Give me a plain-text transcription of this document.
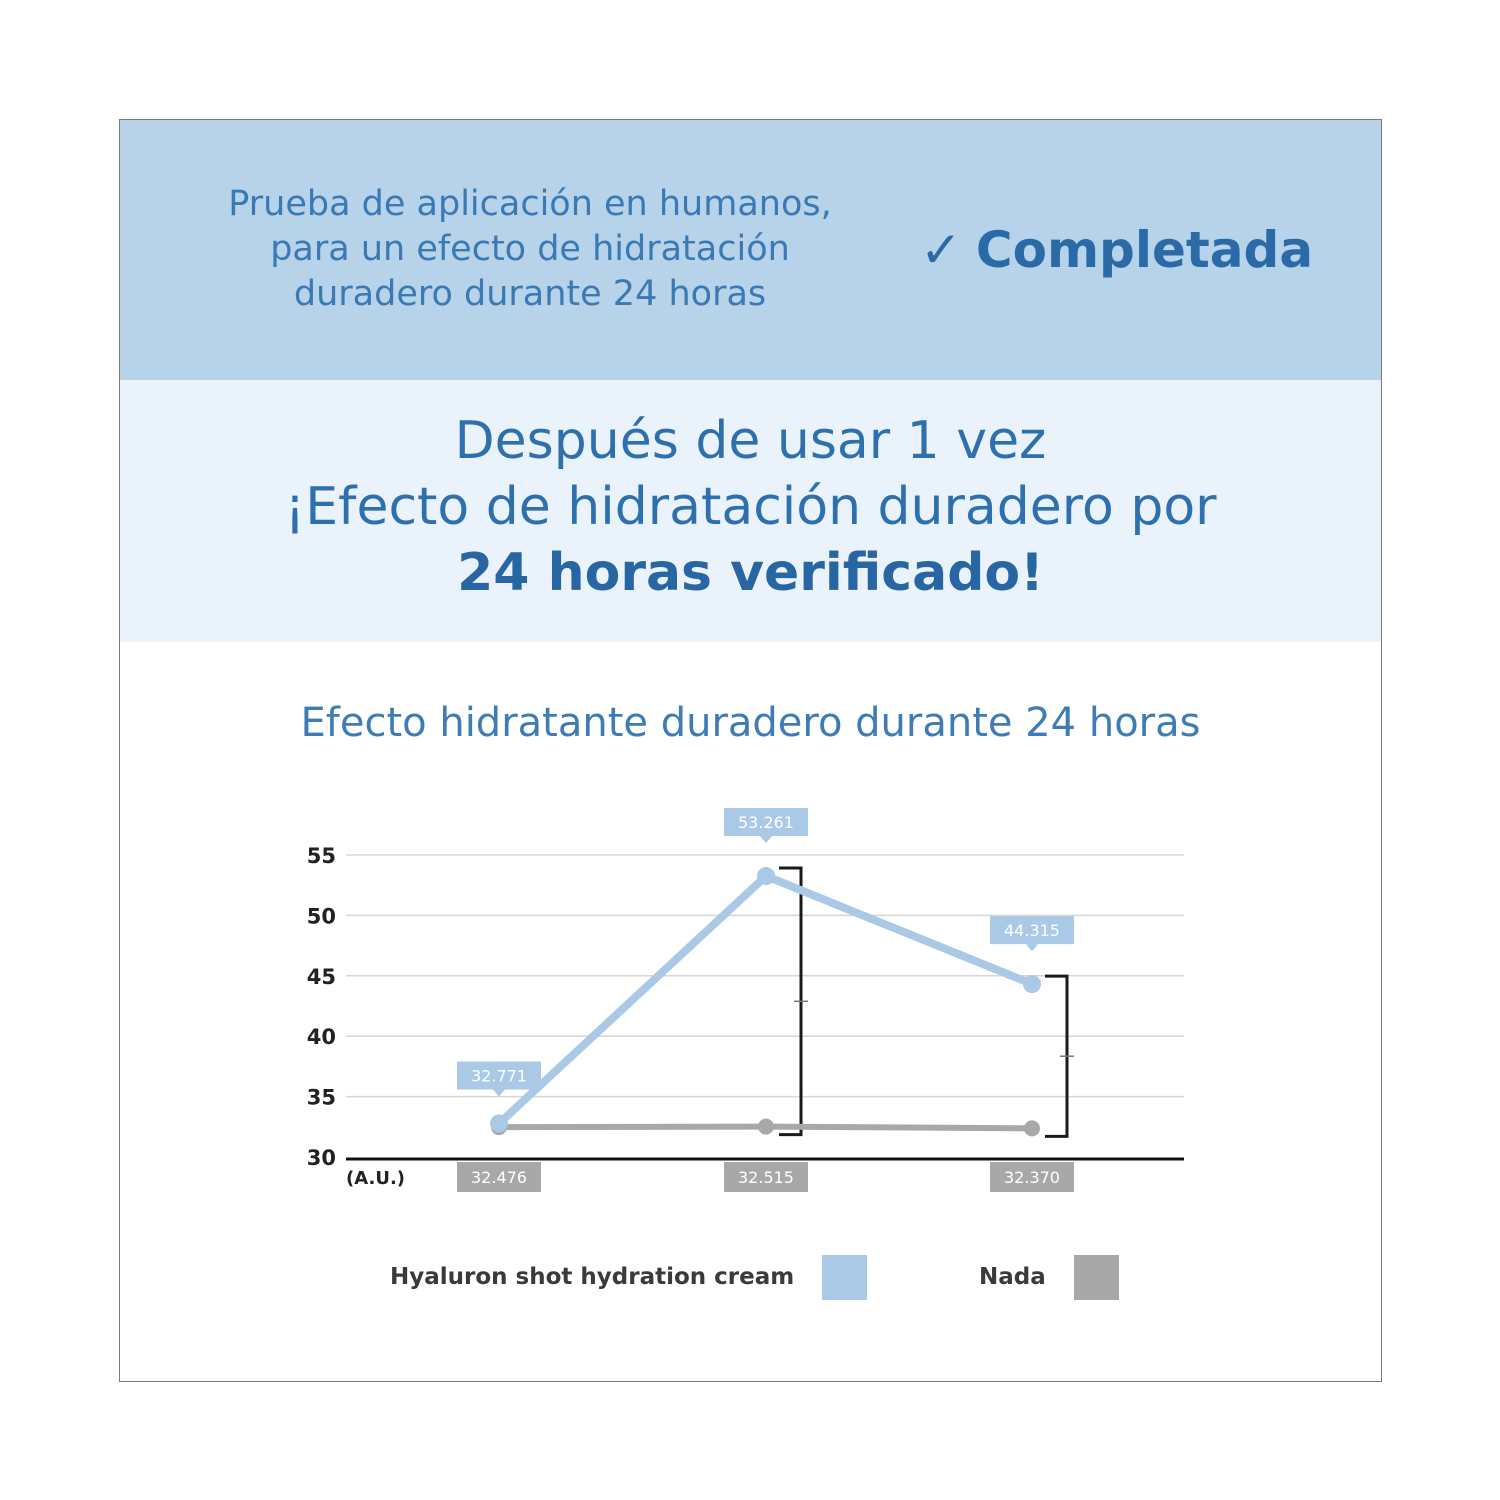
Prueba de aplicación en humanos,
para un efecto de hidratación
duradero durante 24 horas
✓ Completada
Después de usar 1 vez
¡Efecto de hidratación duradero por
24 horas verificado!
Efecto hidratante duradero durante 24 horas
30
35
40
45
50
55
(A.U.)
32.771
53.261
44.315
32.476	32.515	32.370
Hyaluron shot hydration cream	Nada
